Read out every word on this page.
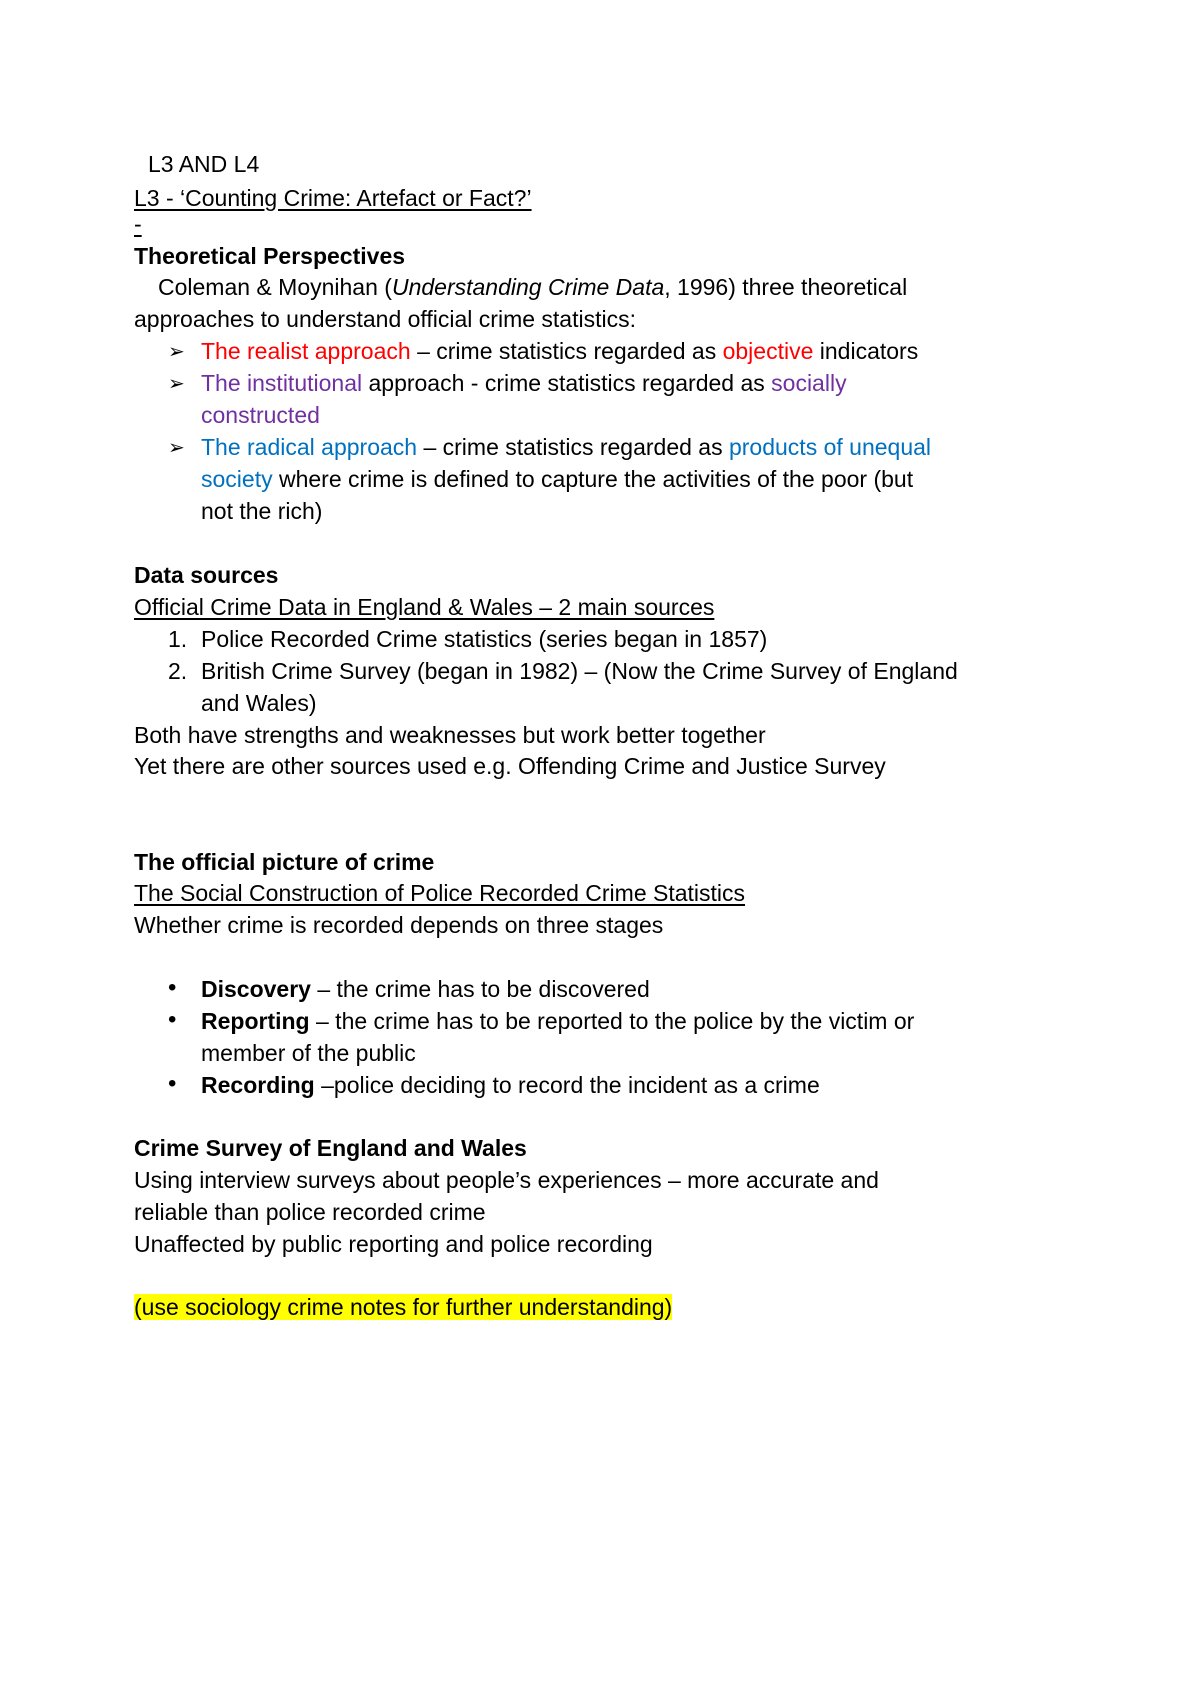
L3 AND L4
L3 - ‘Counting Crime: Artefact or Fact?’
-
Theoretical Perspectives
Coleman & Moynihan (Understanding Crime Data, 1996) three theoretical
approaches to understand official crime statistics:
➢ The realist approach – crime statistics regarded as objective indicators
➢ The institutional approach - crime statistics regarded as socially
constructed
➢ The radical approach – crime statistics regarded as products of unequal
society where crime is defined to capture the activities of the poor (but
not the rich)
Data sources
Official Crime Data in England & Wales – 2 main sources
1. Police Recorded Crime statistics (series began in 1857)
2. British Crime Survey (began in 1982) – (Now the Crime Survey of England
and Wales)
Both have strengths and weaknesses but work better together
Yet there are other sources used e.g. Offending Crime and Justice Survey
The official picture of crime
The Social Construction of Police Recorded Crime Statistics
Whether crime is recorded depends on three stages
• Discovery – the crime has to be discovered
• Reporting – the crime has to be reported to the police by the victim or
member of the public
• Recording –police deciding to record the incident as a crime
Crime Survey of England and Wales
Using interview surveys about people’s experiences – more accurate and
reliable than police recorded crime
Unaffected by public reporting and police recording
(use sociology crime notes for further understanding)
